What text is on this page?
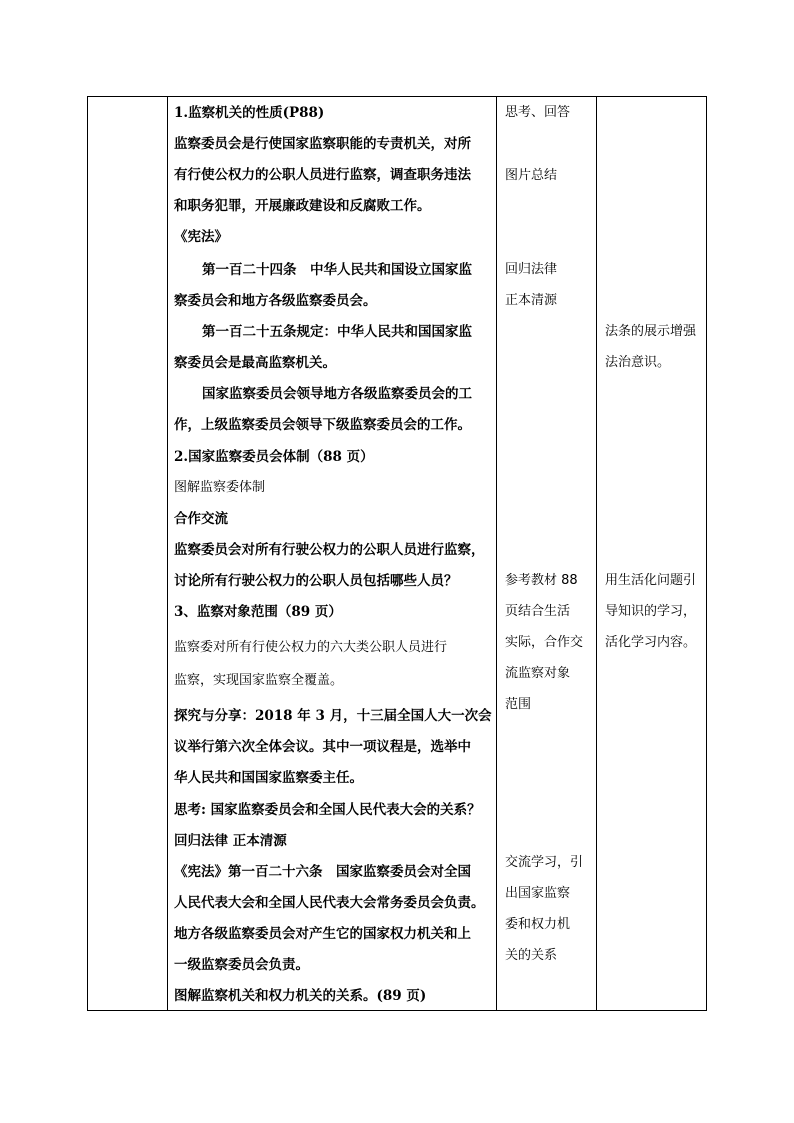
1.监察机关的性质(P88)
监察委员会是行使国家监察职能的专责机关，对所
有行使公权力的公职人员进行监察，调查职务违法
和职务犯罪，开展廉政建设和反腐败工作。
《宪法》
第一百二十四条　中华人民共和国设立国家监
察委员会和地方各级监察委员会。
第一百二十五条规定：中华人民共和国国家监
察委员会是最高监察机关。
国家监察委员会领导地方各级监察委员会的工
作，上级监察委员会领导下级监察委员会的工作。
2.国家监察委员会体制（88 页）
图解监察委体制
合作交流
监察委员会对所有行驶公权力的公职人员进行监察，
讨论所有行驶公权力的公职人员包括哪些人员？
3、监察对象范围（89 页）
监察委对所有行使公权力的六大类公职人员进行
监察，实现国家监察全覆盖。
探究与分享：2018 年 3 月，十三届全国人大一次会
议举行第六次全体会议。其中一项议程是，选举中
华人民共和国国家监察委主任。
思考: 国家监察委员会和全国人民代表大会的关系？
回归法律 正本清源
《宪法》第一百二十六条　国家监察委员会对全国
人民代表大会和全国人民代表大会常务委员会负责。
地方各级监察委员会对产生它的国家权力机关和上
一级监察委员会负责。
图解监察机关和权力机关的关系。(89 页)
思考、回答
图片总结
回归法律
正本清源
参考教材 88
页结合生活
实际，合作交
流监察对象
范围
交流学习，引
出国家监察
委和权力机
关的关系
法条的展示增强
法治意识。
用生活化问题引
导知识的学习，
活化学习内容。
